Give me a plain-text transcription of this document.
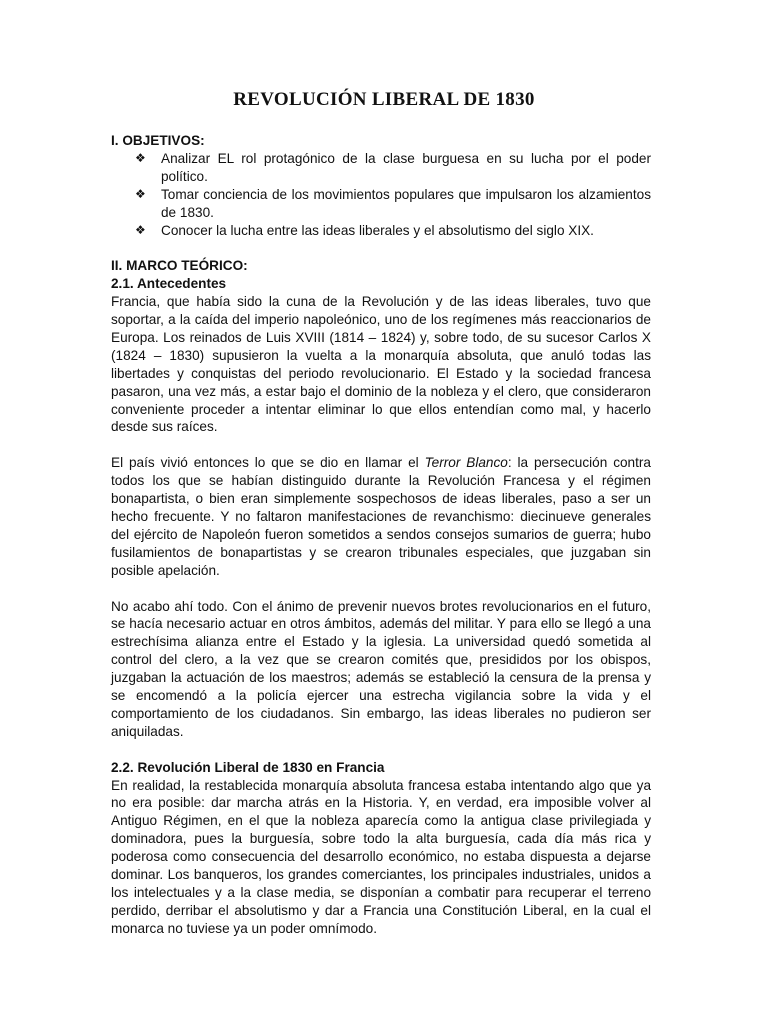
REVOLUCIÓN LIBERAL DE 1830

I. OBJETIVOS:

❖ Analizar EL rol protagónico de la clase burguesa en su lucha por el poder político.
❖ Tomar conciencia de los movimientos populares que impulsaron los alzamientos de 1830.
❖ Conocer la lucha entre las ideas liberales y el absolutismo del siglo XIX.

II. MARCO TEÓRICO:

2.1. Antecedentes

Francia, que había sido la cuna de la Revolución y de las ideas liberales, tuvo que soportar, a la caída del imperio napoleónico, uno de los regímenes más reaccionarios de Europa. Los reinados de Luis XVIII (1814 – 1824) y, sobre todo, de su sucesor Carlos X (1824 – 1830) supusieron la vuelta a la monarquía absoluta, que anuló todas las libertades y conquistas del periodo revolucionario. El Estado y la sociedad francesa pasaron, una vez más, a estar bajo el dominio de la nobleza y el clero, que consideraron conveniente proceder a intentar eliminar lo que ellos entendían como mal, y hacerlo desde sus raíces.

El país vivió entonces lo que se dio en llamar el Terror Blanco: la persecución contra todos los que se habían distinguido durante la Revolución Francesa y el régimen bonapartista, o bien eran simplemente sospechosos de ideas liberales, paso a ser un hecho frecuente. Y no faltaron manifestaciones de revanchismo: diecinueve generales del ejército de Napoleón fueron sometidos a sendos consejos sumarios de guerra; hubo fusilamientos de bonapartistas y se crearon tribunales especiales, que juzgaban sin posible apelación.

No acabo ahí todo. Con el ánimo de prevenir nuevos brotes revolucionarios en el futuro, se hacía necesario actuar en otros ámbitos, además del militar. Y para ello se llegó a una estrechísima alianza entre el Estado y la iglesia. La universidad quedó sometida al control del clero, a la vez que se crearon comités que, presididos por los obispos, juzgaban la actuación de los maestros; además se estableció la censura de la prensa y se encomendó a la policía ejercer una estrecha vigilancia sobre la vida y el comportamiento de los ciudadanos. Sin embargo, las ideas liberales no pudieron ser aniquiladas.

2.2. Revolución Liberal de 1830 en Francia

En realidad, la restablecida monarquía absoluta francesa estaba intentando algo que ya no era posible: dar marcha atrás en la Historia. Y, en verdad, era imposible volver al Antiguo Régimen, en el que la nobleza aparecía como la antigua clase privilegiada y dominadora, pues la burguesía, sobre todo la alta burguesía, cada día más rica y poderosa como consecuencia del desarrollo económico, no estaba dispuesta a dejarse dominar. Los banqueros, los grandes comerciantes, los principales industriales, unidos a los intelectuales y a la clase media, se disponían a combatir para recuperar el terreno perdido, derribar el absolutismo y dar a Francia una Constitución Liberal, en la cual el monarca no tuviese ya un poder omnímodo.
